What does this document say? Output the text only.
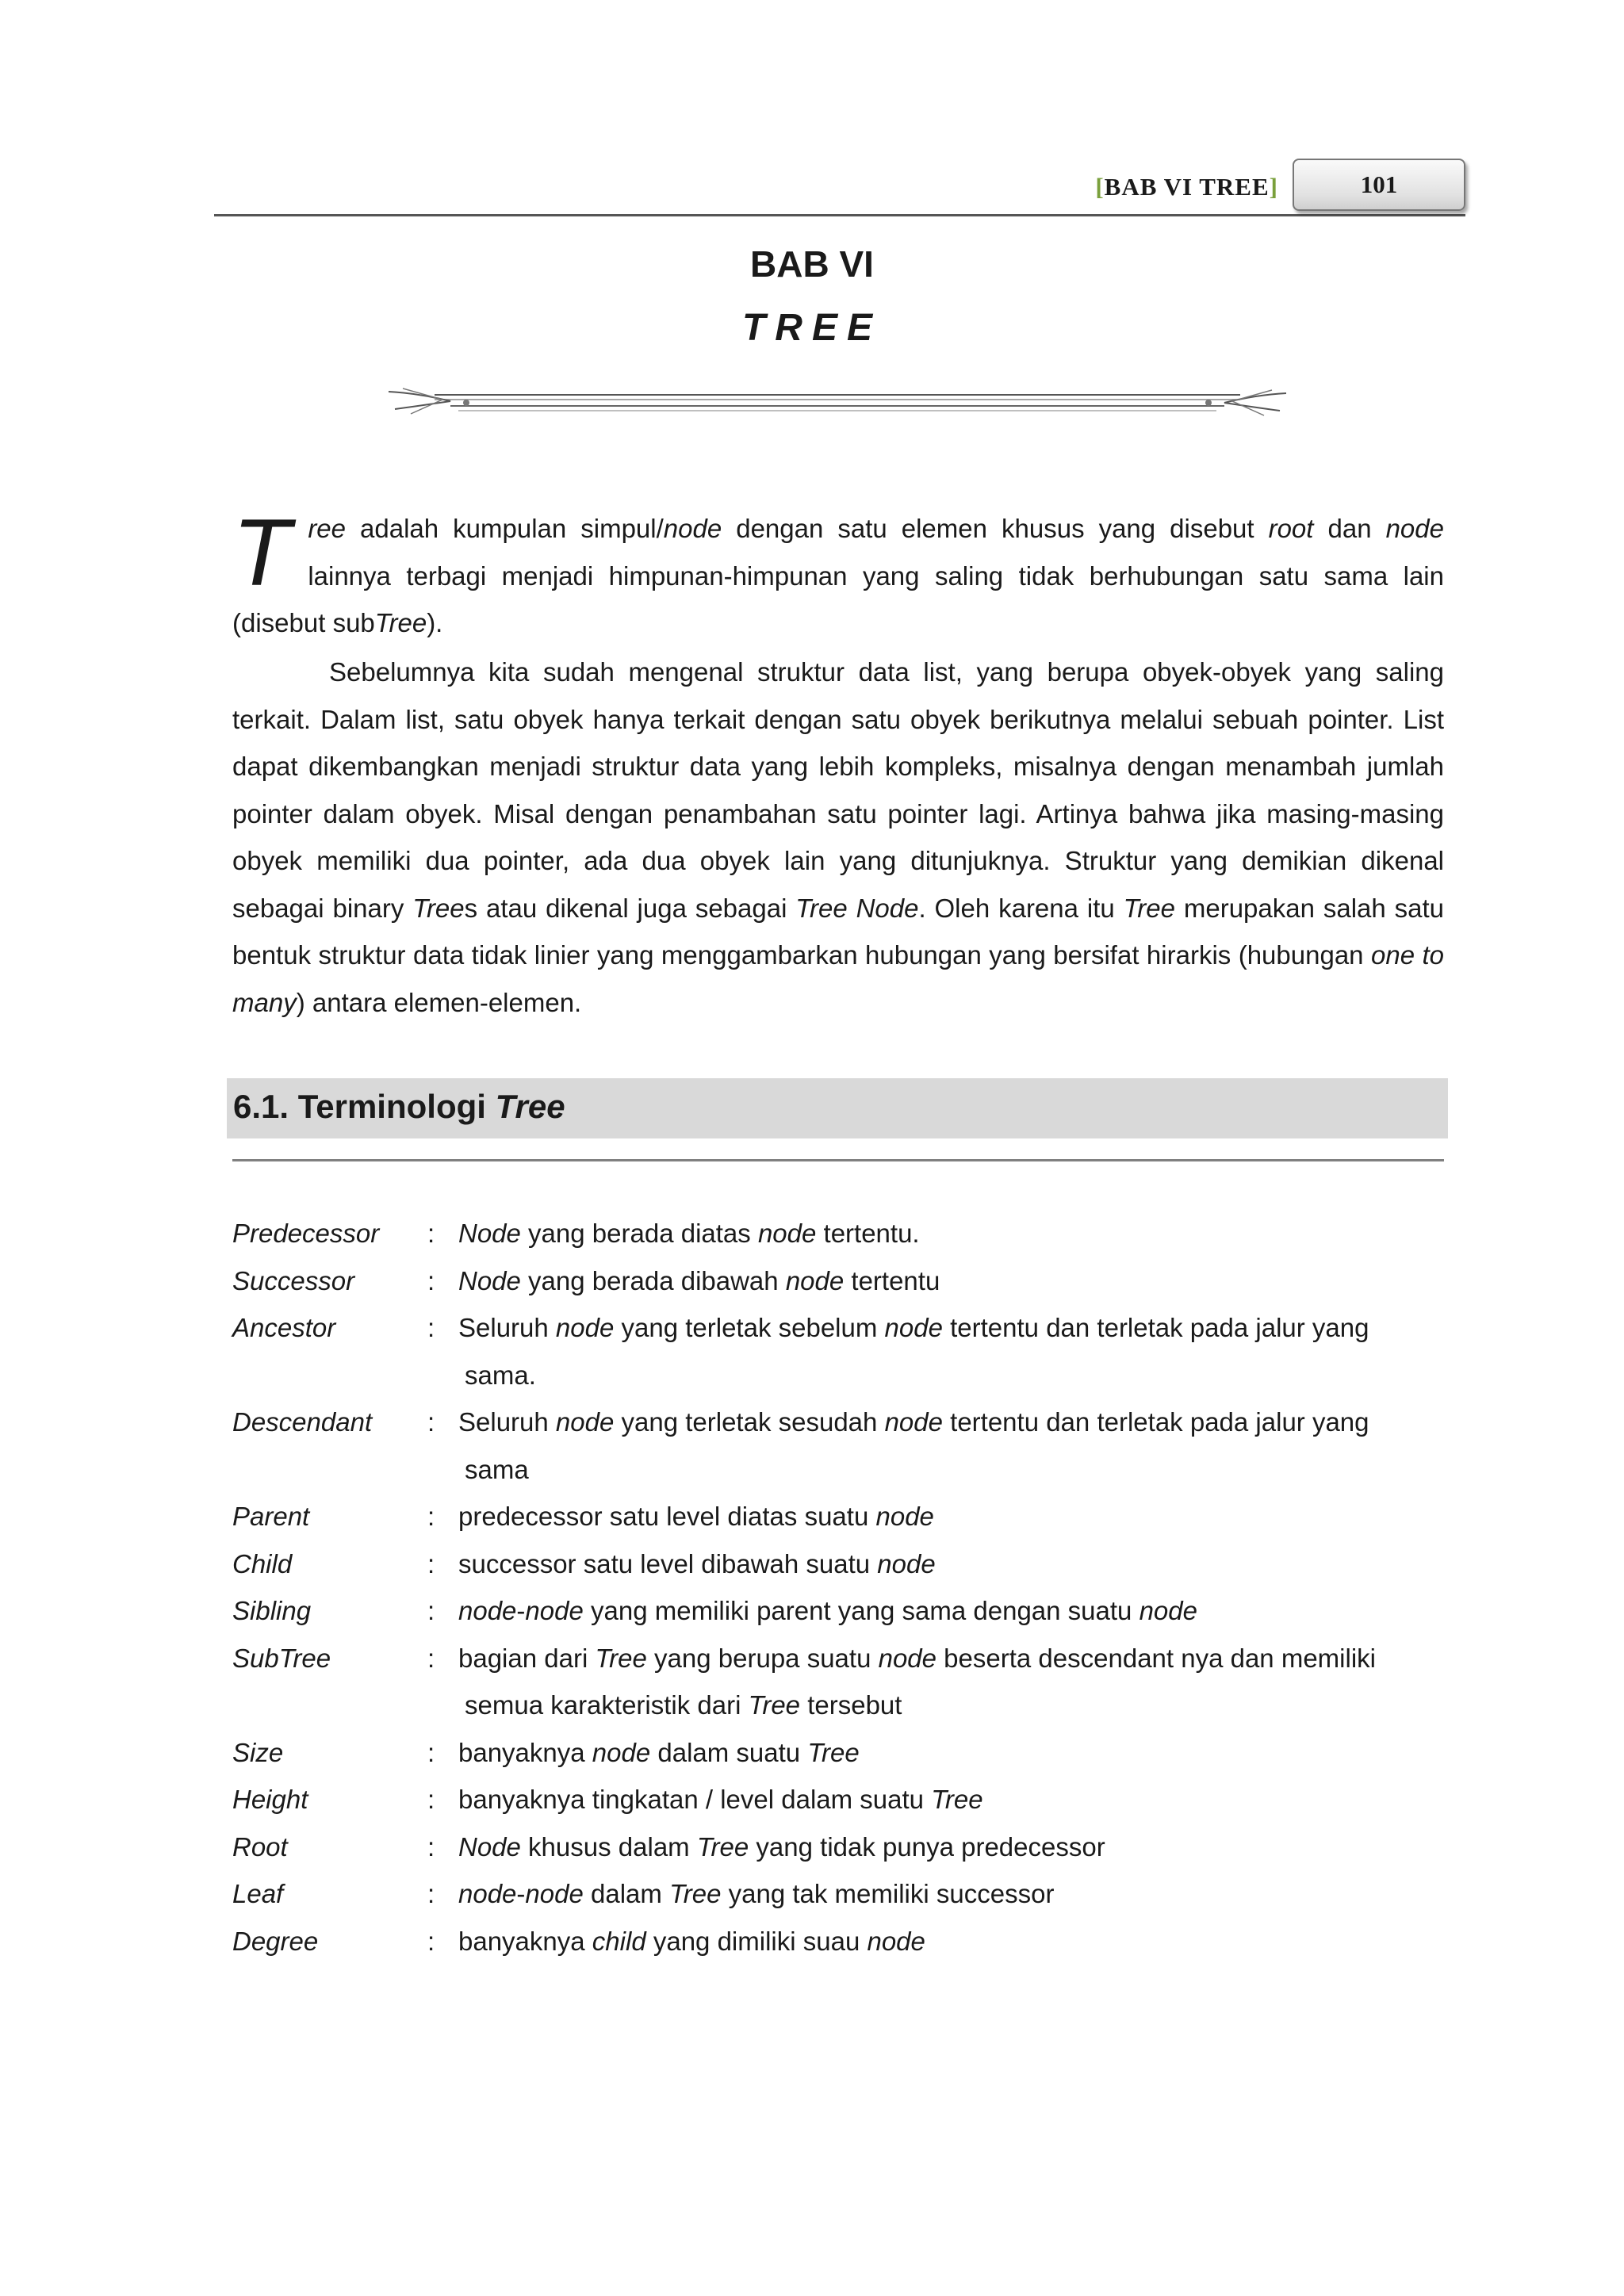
[BAB VI TREE]	101
BAB VI
TREE
Tree adalah kumpulan simpul/node dengan satu elemen khusus yang disebut root dan node lainnya terbagi menjadi himpunan-himpunan yang saling tidak berhubungan satu sama lain (disebut subTree).
Sebelumnya kita sudah mengenal struktur data list, yang berupa obyek-obyek yang saling terkait. Dalam list, satu obyek hanya terkait dengan satu obyek berikutnya melalui sebuah pointer. List dapat dikembangkan menjadi struktur data yang lebih kompleks, misalnya dengan menambah jumlah pointer dalam obyek. Misal dengan penambahan satu pointer lagi. Artinya bahwa jika masing-masing obyek memiliki dua pointer, ada dua obyek lain yang ditunjuknya. Struktur yang demikian dikenal sebagai binary Trees atau dikenal juga sebagai Tree Node. Oleh karena itu Tree merupakan salah satu bentuk struktur data tidak linier yang menggambarkan hubungan yang bersifat hirarkis (hubungan one to many) antara elemen-elemen.
6.1. Terminologi Tree
Predecessor : Node yang berada diatas node tertentu.
Successor	: Node yang berada dibawah node tertentu
Ancestor	: Seluruh node yang terletak sebelum node tertentu dan terletak pada jalur yang
sama.
Descendant : Seluruh node yang terletak sesudah node tertentu dan terletak pada jalur yang
sama
Parent	: predecessor satu level diatas suatu node
Child	: successor satu level dibawah suatu node
Sibling	: node-node yang memiliki parent yang sama dengan suatu node
SubTree	: bagian dari Tree yang berupa suatu node beserta descendant nya dan memiliki
semua karakteristik dari Tree tersebut
Size	: banyaknya node dalam suatu Tree
Height	: banyaknya tingkatan / level dalam suatu Tree
Root	: Node khusus dalam Tree yang tidak punya predecessor
Leaf	: node-node dalam Tree yang tak memiliki successor
Degree	: banyaknya child yang dimiliki suau node
